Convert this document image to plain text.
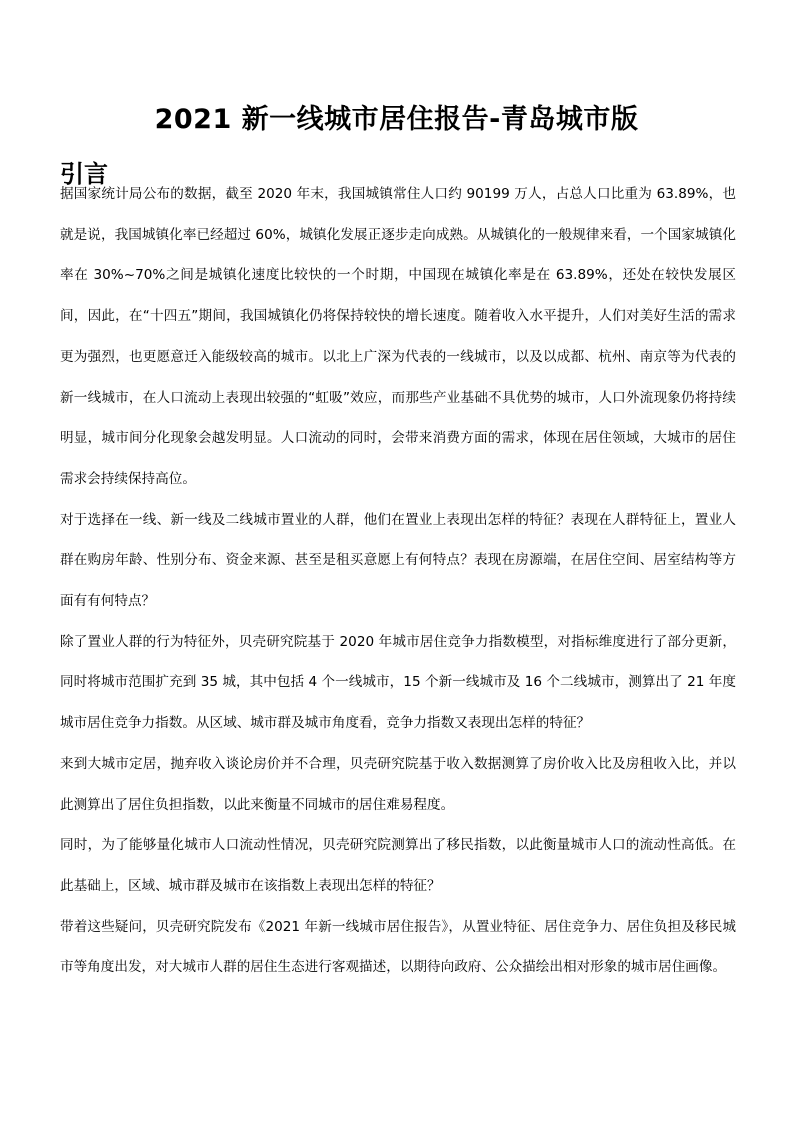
2021 新一线城市居住报告-青岛城市版
引言

据国家统计局公布的数据，截至 2020 年末，我国城镇常住人口约 90199 万人，占总人口比重为 63.89%，也就是说，我国城镇化率已经超过 60%，城镇化发展正逐步走向成熟。从城镇化的一般规律来看，一个国家城镇化率在 30%~70%之间是城镇化速度比较快的一个时期，中国现在城镇化率是在 63.89%，还处在较快发展区间，因此，在“十四五”期间，我国城镇化仍将保持较快的增长速度。随着收入水平提升，人们对美好生活的需求更为强烈，也更愿意迁入能级较高的城市。以北上广深为代表的一线城市，以及以成都、杭州、南京等为代表的新一线城市，在人口流动上表现出较强的“虹吸”效应，而那些产业基础不具优势的城市，人口外流现象仍将持续明显，城市间分化现象会越发明显。人口流动的同时，会带来消费方面的需求，体现在居住领域，大城市的居住需求会持续保持高位。

对于选择在一线、新一线及二线城市置业的人群，他们在置业上表现出怎样的特征？表现在人群特征上，置业人群在购房年龄、性别分布、资金来源、甚至是租买意愿上有何特点？表现在房源端，在居住空间、居室结构等方面有有何特点？

除了置业人群的行为特征外，贝壳研究院基于 2020 年城市居住竞争力指数模型，对指标维度进行了部分更新，同时将城市范围扩充到 35 城，其中包括 4 个一线城市，15 个新一线城市及 16 个二线城市，测算出了 21 年度城市居住竞争力指数。从区域、城市群及城市角度看，竞争力指数又表现出怎样的特征？

来到大城市定居，抛弃收入谈论房价并不合理，贝壳研究院基于收入数据测算了房价收入比及房租收入比，并以此测算出了居住负担指数，以此来衡量不同城市的居住难易程度。

同时，为了能够量化城市人口流动性情况，贝壳研究院测算出了移民指数，以此衡量城市人口的流动性高低。在此基础上，区域、城市群及城市在该指数上表现出怎样的特征？

带着这些疑问，贝壳研究院发布《2021 年新一线城市居住报告》，从置业特征、居住竞争力、居住负担及移民城市等角度出发，对大城市人群的居住生态进行客观描述，以期待向政府、公众描绘出相对形象的城市居住画像。
